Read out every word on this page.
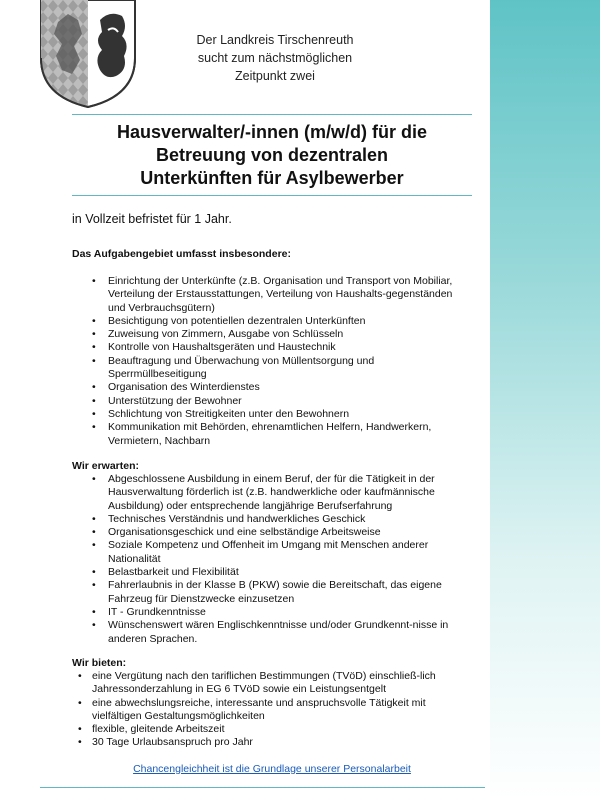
Der Landkreis Tirschenreuth
sucht zum nächstmöglichen
Zeitpunkt zwei
Hausverwalter/-innen (m/w/d) für die
Betreuung von dezentralen
Unterkünften für Asylbewerber
in Vollzeit befristet für 1 Jahr.
Das Aufgabengebiet umfasst insbesondere:
• Einrichtung der Unterkünfte (z.B. Organisation und Transport von Mobiliar, Verteilung der Erstausstattungen, Verteilung von Haushalts-gegenständen und Verbrauchsgütern)
• Besichtigung von potentiellen dezentralen Unterkünften
• Zuweisung von Zimmern, Ausgabe von Schlüsseln
• Kontrolle von Haushaltsgeräten und Haustechnik
• Beauftragung und Überwachung von Müllentsorgung und Sperrmüllbeseitigung
• Organisation des Winterdienstes
• Unterstützung der Bewohner
• Schlichtung von Streitigkeiten unter den Bewohnern
• Kommunikation mit Behörden, ehrenamtlichen Helfern, Handwerkern, Vermietern, Nachbarn
Wir erwarten:
• Abgeschlossene Ausbildung in einem Beruf, der für die Tätigkeit in der Hausverwaltung förderlich ist (z.B. handwerkliche oder kaufmännische Ausbildung) oder entsprechende langjährige Berufserfahrung
• Technisches Verständnis und handwerkliches Geschick
• Organisationsgeschick und eine selbständige Arbeitsweise
• Soziale Kompetenz und Offenheit im Umgang mit Menschen anderer Nationalität
• Belastbarkeit und Flexibilität
• Fahrerlaubnis in der Klasse B (PKW) sowie die Bereitschaft, das eigene Fahrzeug für Dienstzwecke einzusetzen
• IT - Grundkenntnisse
• Wünschenswert wären Englischkenntnisse und/oder Grundkennt-nisse in anderen Sprachen.
Wir bieten:
• eine Vergütung nach den tariflichen Bestimmungen (TVöD) einschließ-lich Jahressonderzahlung in EG 6 TVöD sowie ein Leistungsentgelt
• eine abwechslungsreiche, interessante und anspruchsvolle Tätigkeit mit vielfältigen Gestaltungsmöglichkeiten
• flexible, gleitende Arbeitszeit
• 30 Tage Urlaubsanspruch pro Jahr
Chancengleichheit ist die Grundlage unserer Personalarbeit
